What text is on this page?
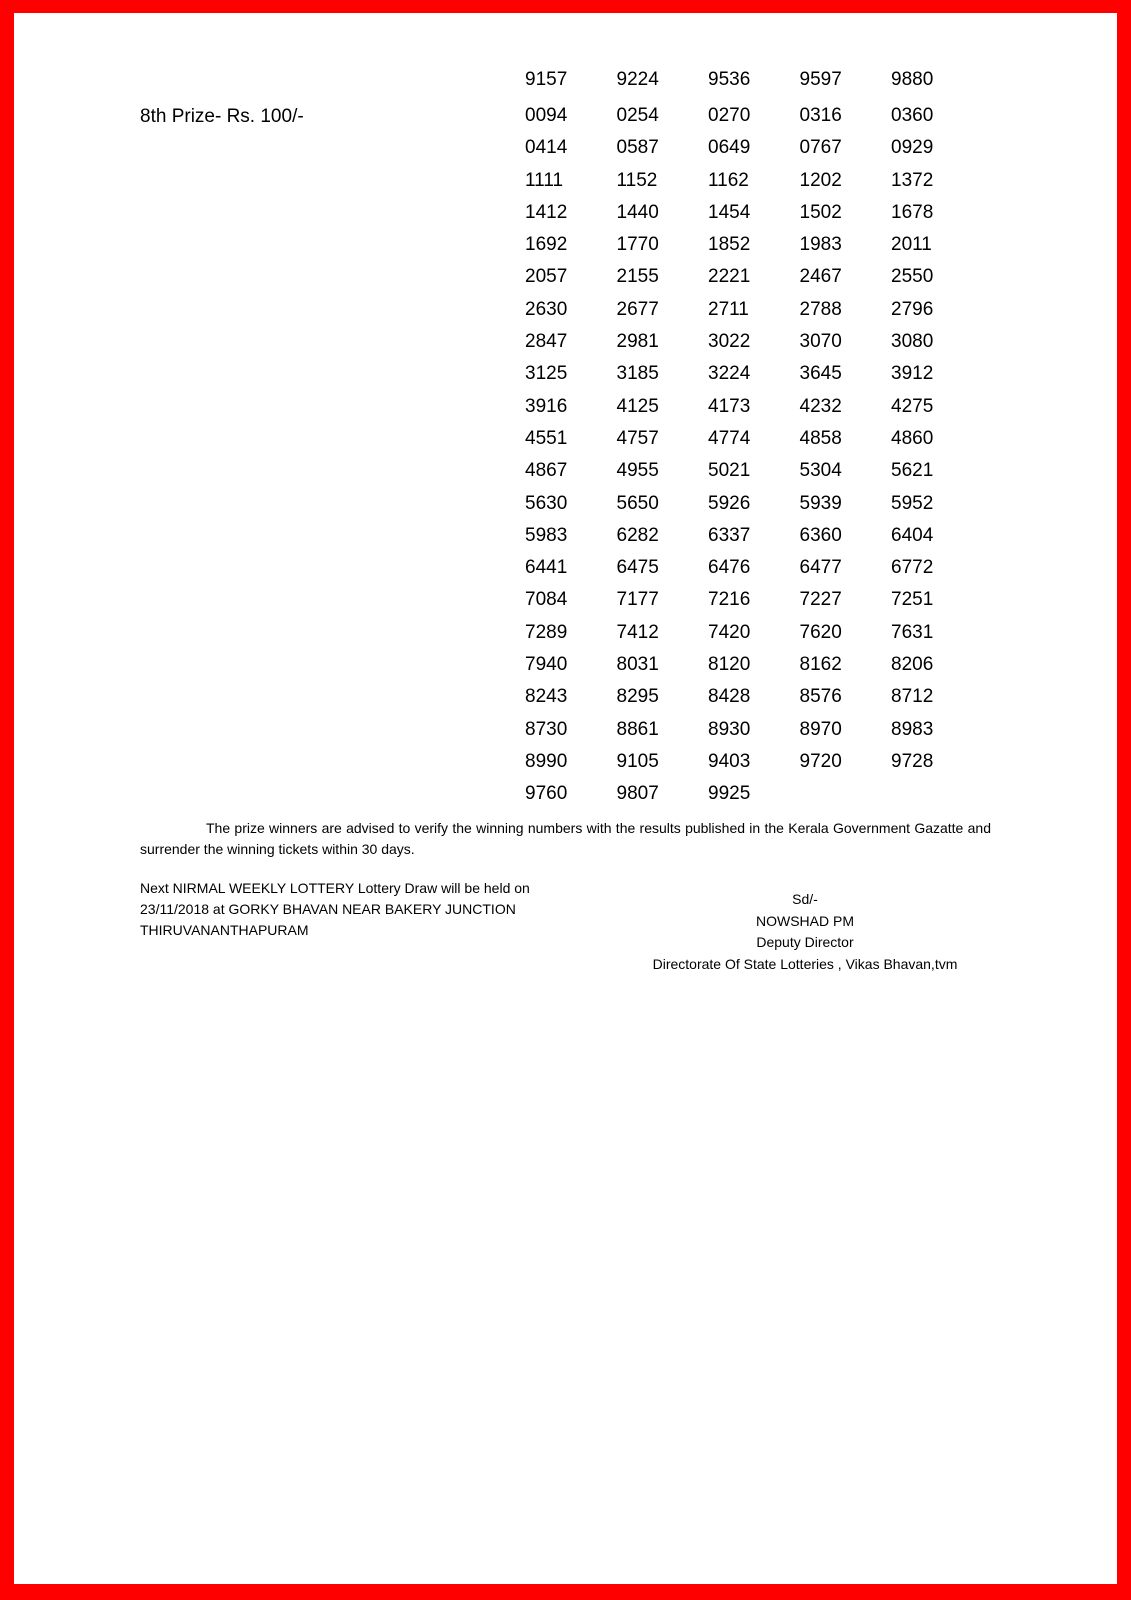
9157	9224	9536	9597	9880
8th Prize- Rs. 100/-	0094	0254	0270	0316	0360
0414	0587	0649	0767	0929
1111	1152	1162	1202	1372
1412	1440	1454	1502	1678
1692	1770	1852	1983	2011
2057	2155	2221	2467	2550
2630	2677	2711	2788	2796
2847	2981	3022	3070	3080
3125	3185	3224	3645	3912
3916	4125	4173	4232	4275
4551	4757	4774	4858	4860
4867	4955	5021	5304	5621
5630	5650	5926	5939	5952
5983	6282	6337	6360	6404
6441	6475	6476	6477	6772
7084	7177	7216	7227	7251
7289	7412	7420	7620	7631
7940	8031	8120	8162	8206
8243	8295	8428	8576	8712
8730	8861	8930	8970	8983
8990	9105	9403	9720	9728
9760	9807	9925
The prize winners are advised to verify the winning numbers with the results published in the Kerala Government Gazatte and surrender the winning tickets within 30 days.
Next NIRMAL WEEKLY LOTTERY Lottery Draw will be held on
23/11/2018 at GORKY BHAVAN NEAR BAKERY JUNCTION
THIRUVANANTHAPURAM
Sd/-
NOWSHAD PM
Deputy Director
Directorate Of State Lotteries , Vikas Bhavan,tvm
